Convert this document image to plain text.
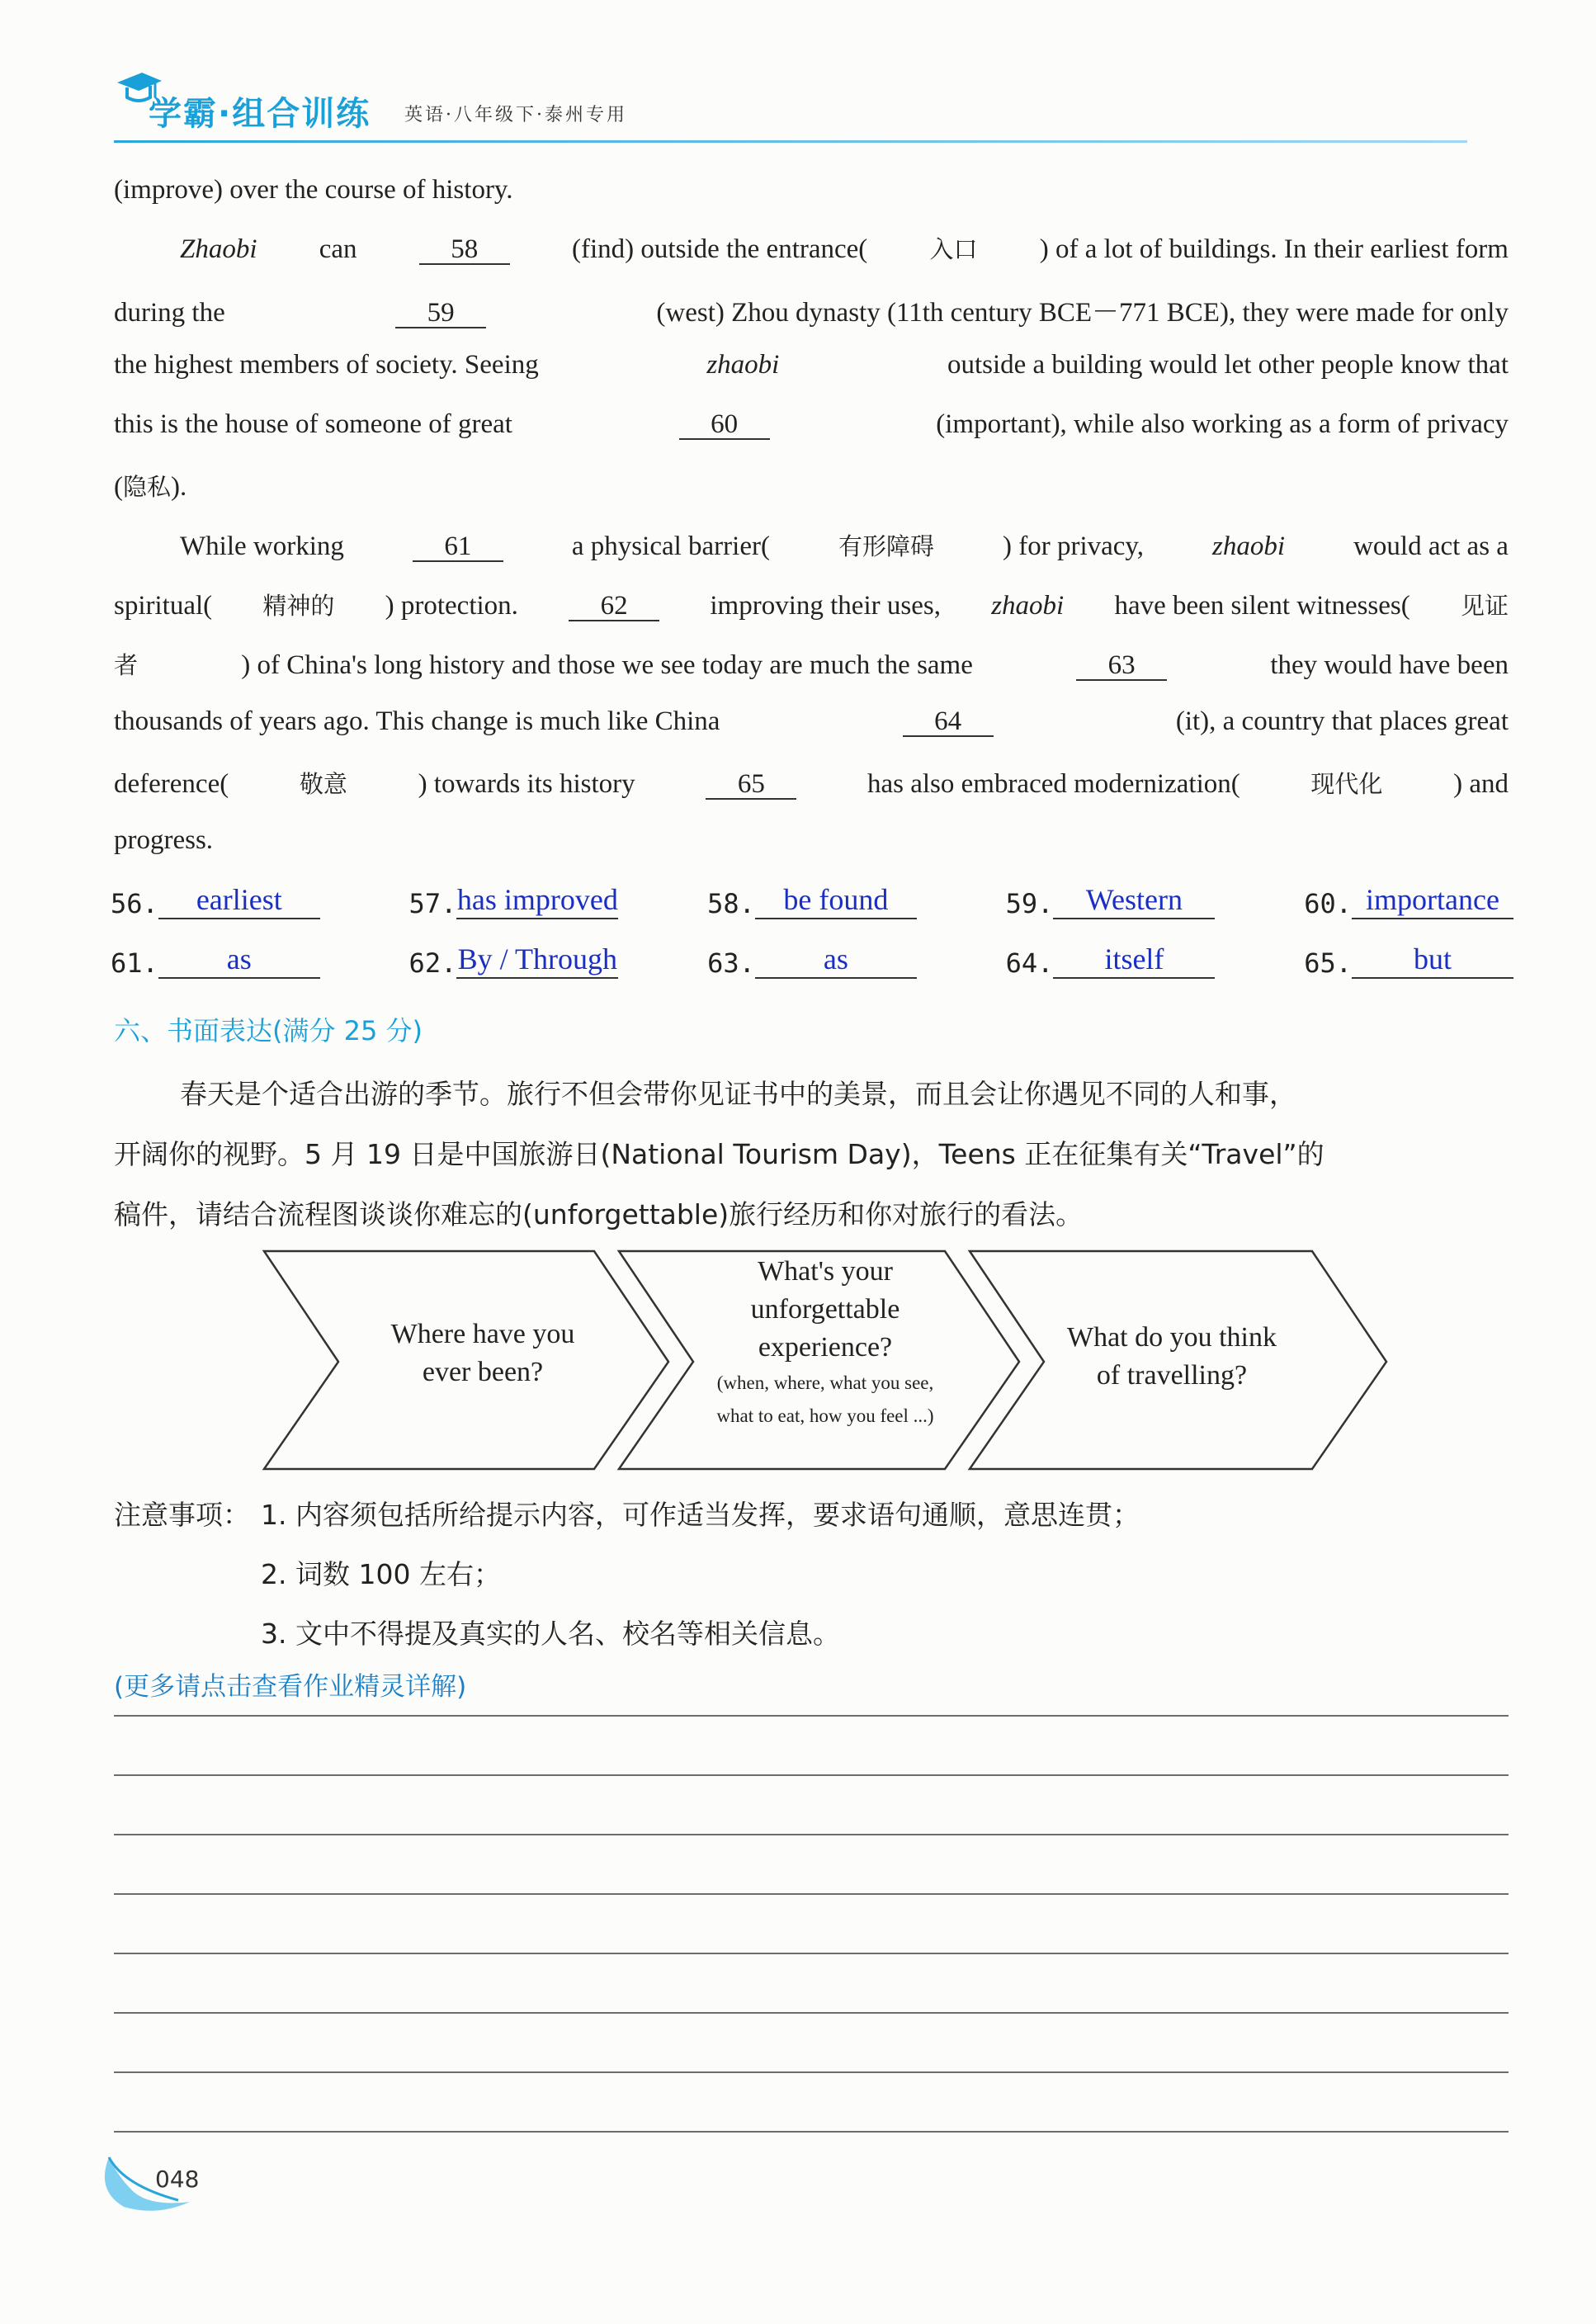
学霸·组合训练 英语·八年级下·泰州专用
(improve) over the course of history.
Zhaobi can	58	(find) outside the entrance(	入口 ) of a lot of buildings. In their earliest form
during the	59	(west) Zhou dynasty (11th century BCE－771 BCE), they were made for only
the highest members of society. Seeing	zhaobi	outside a building would let other people know that
this is the house of someone of great	60	(important), while also working as a form of privacy
( 隐私 ).
While working	61	a physical barrier(	有形障碍	) for privacy,	zhaobi	would act as a
spiritual( 精神的 ) protection.	62	improving their uses, zhaobi have been silent witnesses( 见证
者	) of China's long history and those we see today are much the same	63	they would have been
thousands of years ago. This change is much like China	64	(it), a country that places great
deference(	敬意	) towards its history	65	has also embraced modernization(	现代化	) and
progress.
56.	earliest	57. has improved	58. be found	59.	Western	60. importance
61.	as	62. By / Through	63.	as	64.	itself	65.	but
六、书面表达(满分 25 分)
春天是个适合出游的季节。旅行不但会带你见证书中的美景，而且会让你遇见不同的人和事，
开阔你的视野。5 月 19 日是中国旅游日(National Tourism Day)，Teens 正在征集有关“Travel”的
稿件，请结合流程图谈谈你难忘的(unforgettable)旅行经历和你对旅行的看法。
Where have you
ever been?
What's your
unforgettable
experience?
(when, where, what you see,
what to eat, how you feel ...)
What do you think
of travelling?
注意事项： 1. 内容须包括所给提示内容，可作适当发挥，要求语句通顺，意思连贯；
2. 词数 100 左右；
3. 文中不得提及真实的人名、校名等相关信息。
(更多请点击查看作业精灵详解)
048
